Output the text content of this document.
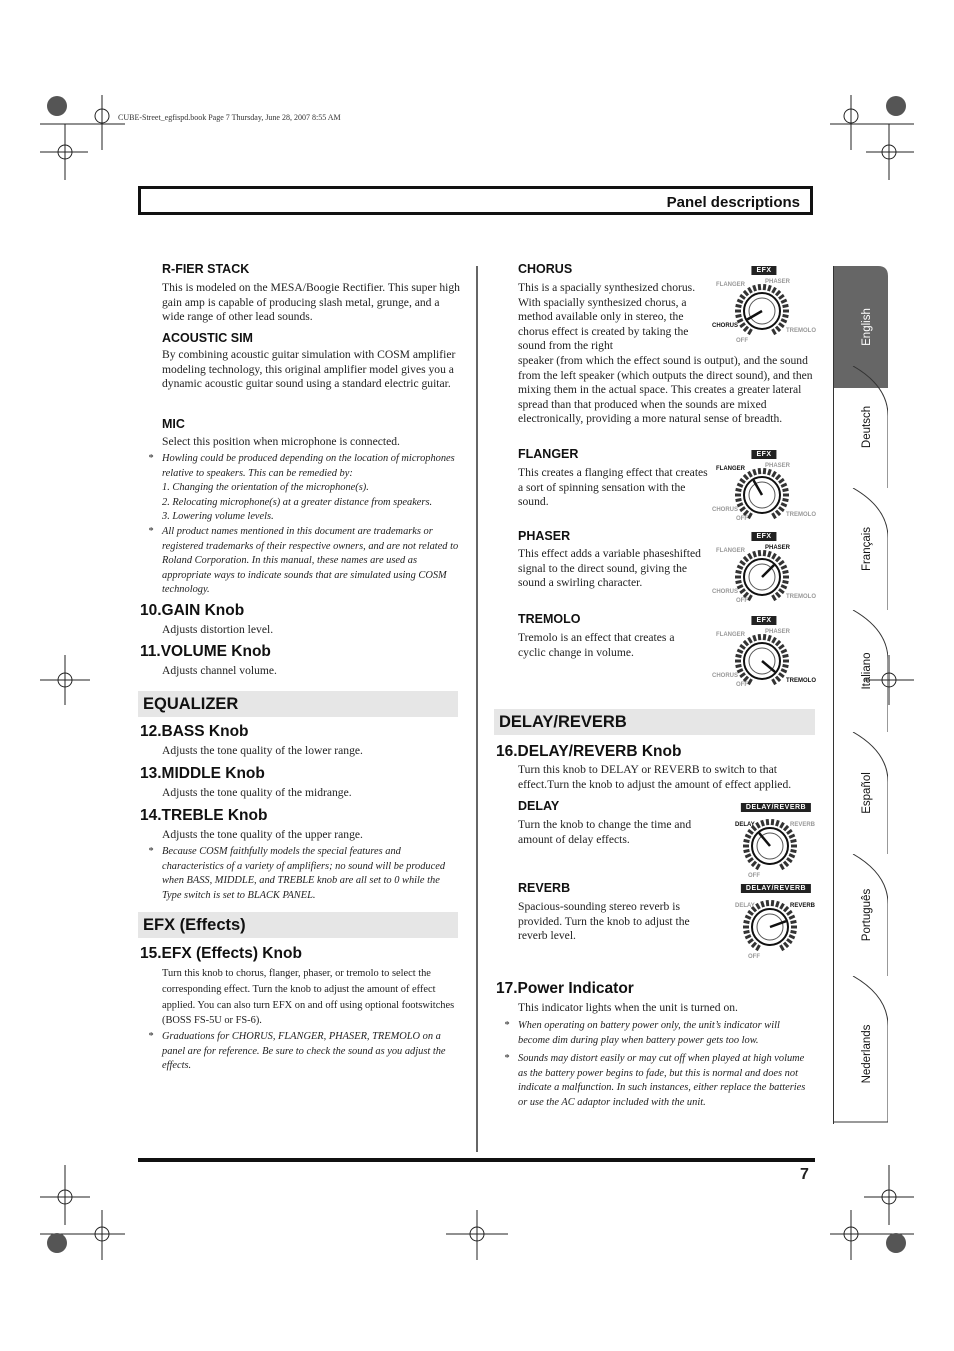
CUBE-Street_egfispd.book Page 7 Thursday, June 28, 2007 8:55 AM
Panel descriptions
R-FIER STACK
This is modeled on the MESA/Boogie Rectifier. This super high gain amp is capable of producing slash metal, grunge, and a wide range of other lead sounds.
ACOUSTIC SIM
By combining acoustic guitar simulation with COSM amplifier modeling technology, this original amplifier model gives you a dynamic acoustic guitar sound using a standard electric guitar.
MIC
Select this position when microphone is connected.
* Howling could be produced depending on the location of microphones relative to speakers. This can be remedied by:
1. Changing the orientation of the microphone(s).
2. Relocating microphone(s) at a greater distance from speakers.
3. Lowering volume levels.
* All product names mentioned in this document are trademarks or registered trademarks of their respective owners, and are not related to Roland Corporation. In this manual, these names are used as appropriate ways to indicate sounds that are simulated using COSM technology.
10.GAIN Knob
Adjusts distortion level.
11.VOLUME Knob
Adjusts channel volume.
EQUALIZER
12.BASS Knob
Adjusts the tone quality of the lower range.
13.MIDDLE Knob
Adjusts the tone quality of the midrange.
14.TREBLE Knob
Adjusts the tone quality of the upper range.
* Because COSM faithfully models the special features and characteristics of a variety of amplifiers; no sound will be produced when BASS, MIDDLE, and TREBLE knob are all set to 0 while the Type switch is set to BLACK PANEL.
EFX (Effects)
15.EFX (Effects) Knob
Turn this knob to chorus, flanger, phaser, or tremolo to select the corresponding effect. Turn the knob to adjust the amount of effect applied. You can also turn EFX on and off using optional footswitches (BOSS FS-5U or FS-6).
* Graduations for CHORUS, FLANGER, PHASER, TREMOLO on a panel are for reference. Be sure to check the sound as you adjust the effects.
CHORUS
This is a spacially synthesized chorus. With spacially synthesized chorus, a method available only in stereo, the chorus effect is created by taking the sound from the right
speaker (from which the effect sound is output), and the sound from the left speaker (which outputs the direct sound), and then mixing them in the actual space. This creates a greater lateral spread than that produced when the sounds are mixed electronically, providing a more natural sense of breadth.
FLANGER
This creates a flanging effect that creates a sort of spinning sensation with the sound.
PHASER
This effect adds a variable phaseshifted signal to the direct sound, giving the sound a swirling character.
TREMOLO
Tremolo is an effect that creates a cyclic change in volume.
DELAY/REVERB
16.DELAY/REVERB Knob
Turn this knob to DELAY or REVERB to switch to that effect.Turn the knob to adjust the amount of effect applied.
DELAY
Turn the knob to change the time and amount of delay effects.
REVERB
Spacious-sounding stereo reverb is provided. Turn the knob to adjust the reverb level.
17.Power Indicator
This indicator lights when the unit is turned on.
* When operating on battery power only, the unit’s indicator will become dim during play when battery power gets too low.
* Sounds may distort easily or may cut off when played at high volume as the battery power begins to fade, but this is normal and does not indicate a malfunction. In such instances, either replace the batteries or use the AC adaptor included with the unit.
EFX
FLANGER	PHASER
CHORUS
TREMOLO
OFF
EFX
FLANGER	PHASER
CHORUS
TREMOLO
OFF
EFX
FLANGER	PHASER
CHORUS
TREMOLO
OFF
EFX
FLANGER	PHASER
CHORUS
TREMOLO
OFF
DELAY/REVERB
DELAY	REVERB
OFF
DELAY/REVERB
DELAY	REVERB
OFF
English
Deutsch
Français
Italiano
Español
Português
Nederlands
7
